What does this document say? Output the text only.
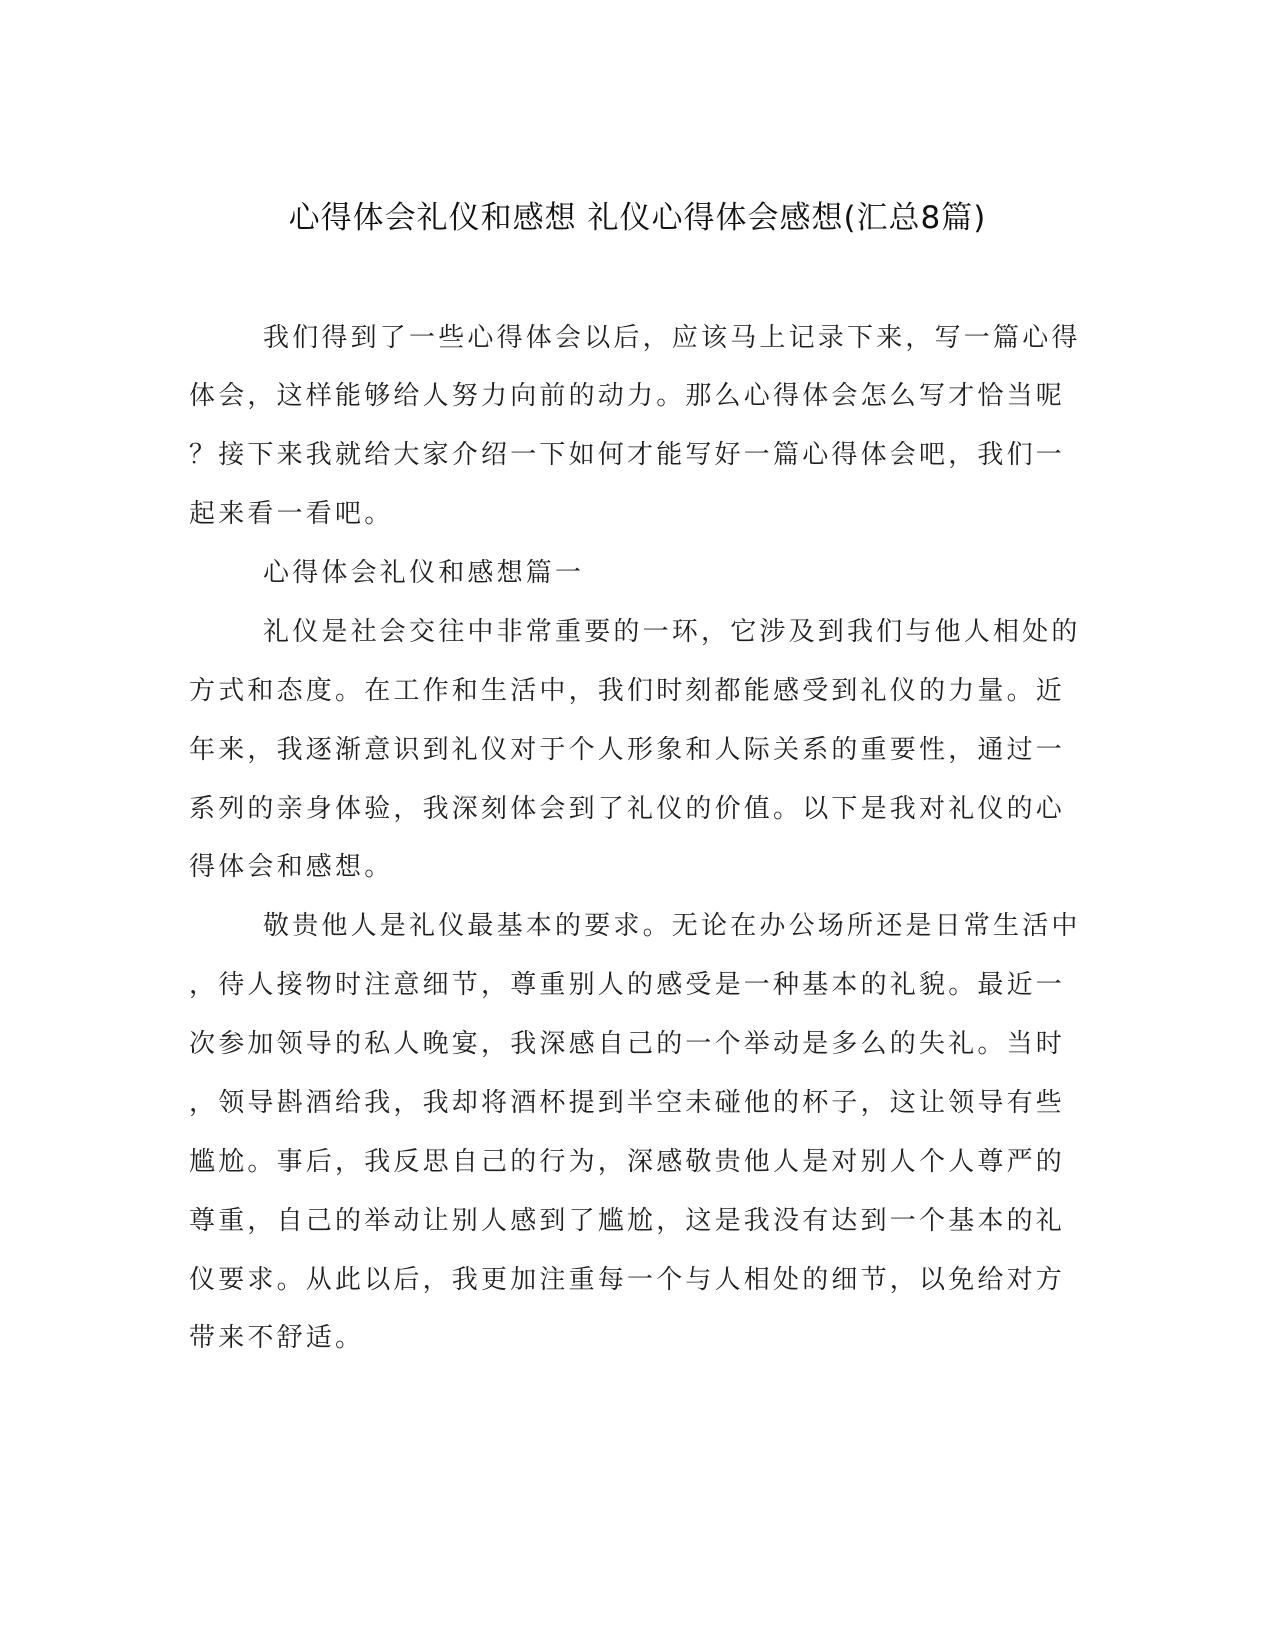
心得体会礼仪和感想 礼仪心得体会感想(汇总8篇)

我们得到了一些心得体会以后，应该马上记录下来，写一篇心得

体会，这样能够给人努力向前的动力。那么心得体会怎么写才恰当呢

？接下来我就给大家介绍一下如何才能写好一篇心得体会吧，我们一

起来看一看吧。

心得体会礼仪和感想篇一

礼仪是社会交往中非常重要的一环，它涉及到我们与他人相处的

方式和态度。在工作和生活中，我们时刻都能感受到礼仪的力量。近

年来，我逐渐意识到礼仪对于个人形象和人际关系的重要性，通过一

系列的亲身体验，我深刻体会到了礼仪的价值。以下是我对礼仪的心

得体会和感想。

敬贵他人是礼仪最基本的要求。无论在办公场所还是日常生活中

，待人接物时注意细节，尊重别人的感受是一种基本的礼貌。最近一

次参加领导的私人晚宴，我深感自己的一个举动是多么的失礼。当时

，领导斟酒给我，我却将酒杯提到半空未碰他的杯子，这让领导有些

尴尬。事后，我反思自己的行为，深感敬贵他人是对别人个人尊严的

尊重，自己的举动让别人感到了尴尬，这是我没有达到一个基本的礼

仪要求。从此以后，我更加注重每一个与人相处的细节，以免给对方

带来不舒适。
